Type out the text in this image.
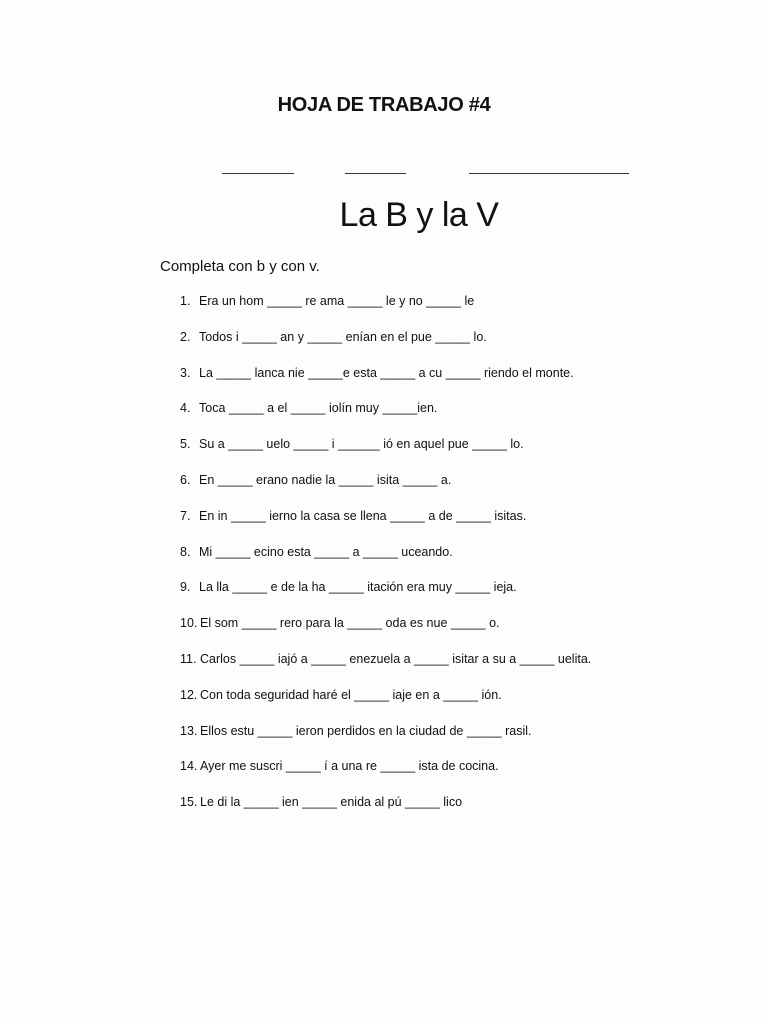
HOJA DE TRABAJO #4
La B y la V
Completa con b y con v.
1. Era un hom _____ re ama _____ le y no _____ le
2. Todos i _____ an y _____ enían en el pue _____ lo.
3. La _____ lanca nie _____e esta _____ a cu _____ riendo el monte.
4. Toca _____ a el _____ iolín muy _____ien.
5. Su a _____ uelo _____ i ______ ió en aquel pue _____ lo.
6. En _____ erano nadie la _____ isita _____ a.
7. En in _____ ierno la casa se llena _____ a de _____ isitas.
8. Mi _____ ecino esta _____ a _____ uceando.
9. La lla _____ e de la ha _____ itación era muy _____ ieja.
10. El som _____ rero para la _____ oda es nue _____ o.
11. Carlos _____ iajó a _____ enezuela a _____ isitar a su a _____ uelita.
12. Con toda seguridad haré el _____ iaje en a _____ ión.
13. Ellos estu _____ ieron perdidos en la ciudad de _____ rasil.
14. Ayer me suscri _____ í a una re _____ ista de cocina.
15. Le di la _____ ien _____ enida al pú _____ lico
